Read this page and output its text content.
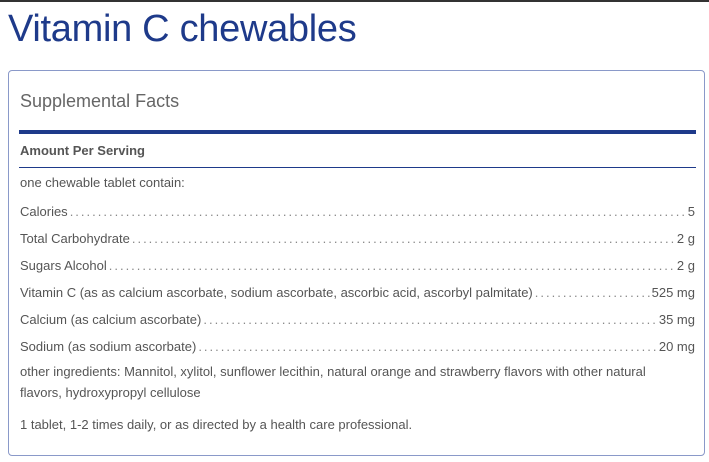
Vitamin C chewables
Supplemental Facts
Amount Per Serving
one chewable tablet contain:
Calories .....	5
Total Carbohydrate .....	2 g
Sugars Alcohol .....	2 g
Vitamin C (as as calcium ascorbate, sodium ascorbate, ascorbic acid, ascorbyl palmitate) .....	525 mg
Calcium (as calcium ascorbate) .....	35 mg
Sodium (as sodium ascorbate) .....	20 mg

other ingredients: Mannitol, xylitol, sunflower lecithin, natural orange and strawberry flavors with other natural flavors, hydroxypropyl cellulose

1 tablet, 1-2 times daily, or as directed by a health care professional.
